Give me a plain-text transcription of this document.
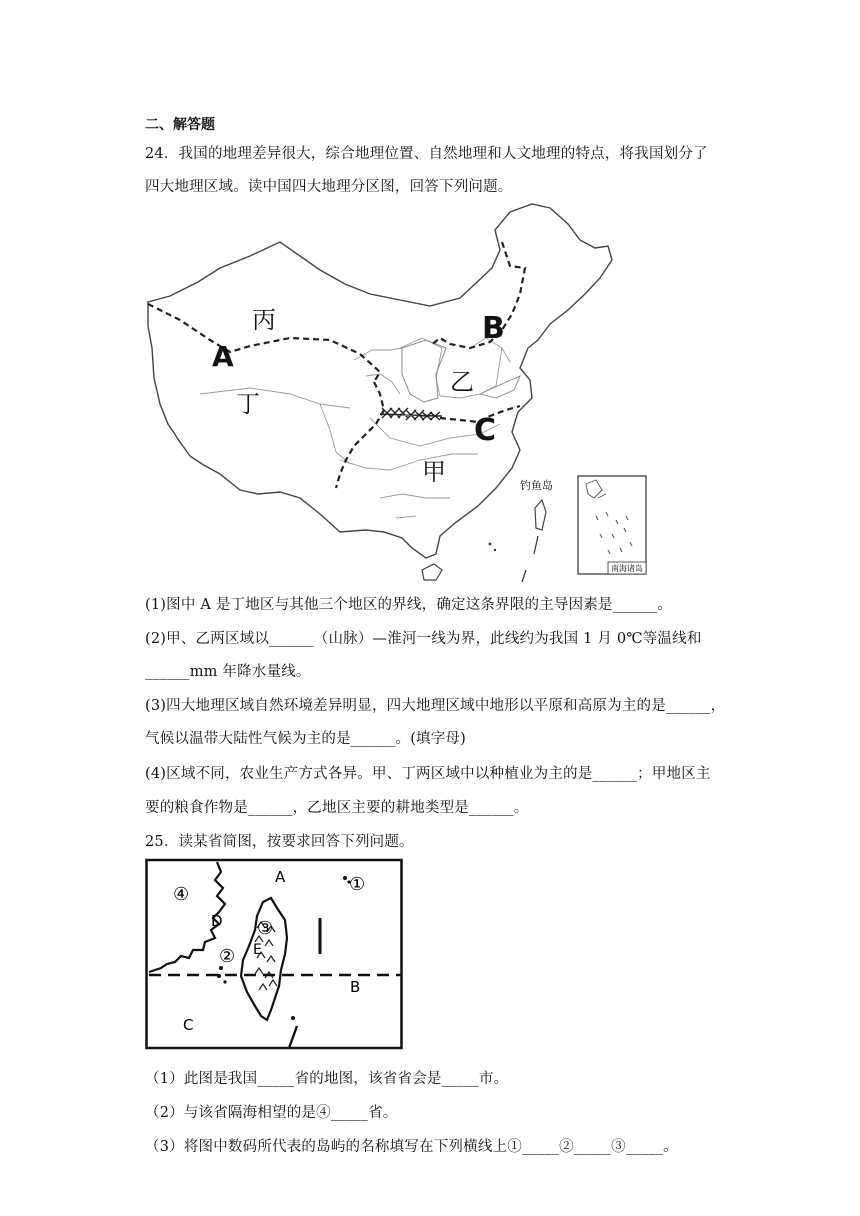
二、解答题
24．我国的地理差异很大，综合地理位置、自然地理和人文地理的特点，将我国划分了
四大地理区域。读中国四大地理分区图，回答下列问题。
南海诸岛
丙
丁
乙
甲
A
B
C
钓鱼岛
(1)图中 A 是丁地区与其他三个地区的界线，确定这条界限的主导因素是______。
(2)甲、乙两区域以______（山脉）—淮河一线为界，此线约为我国 1 月 0℃等温线和
______mm 年降水量线。
(3)四大地理区域自然环境差异明显，四大地理区域中地形以平原和高原为主的是______，
气候以温带大陆性气候为主的是______。(填字母)
(4)区域不同，农业生产方式各异。甲、丁两区域中以种植业为主的是______；甲地区主
要的粮食作物是______，乙地区主要的耕地类型是______。
25．读某省简图，按要求回答下列问题。
A
B
C
D
E
①
②
③
④
（1）此图是我国_____省的地图，该省省会是_____市。
（2）与该省隔海相望的是④_____省。
（3）将图中数码所代表的岛屿的名称填写在下列横线上①_____②_____③_____。
